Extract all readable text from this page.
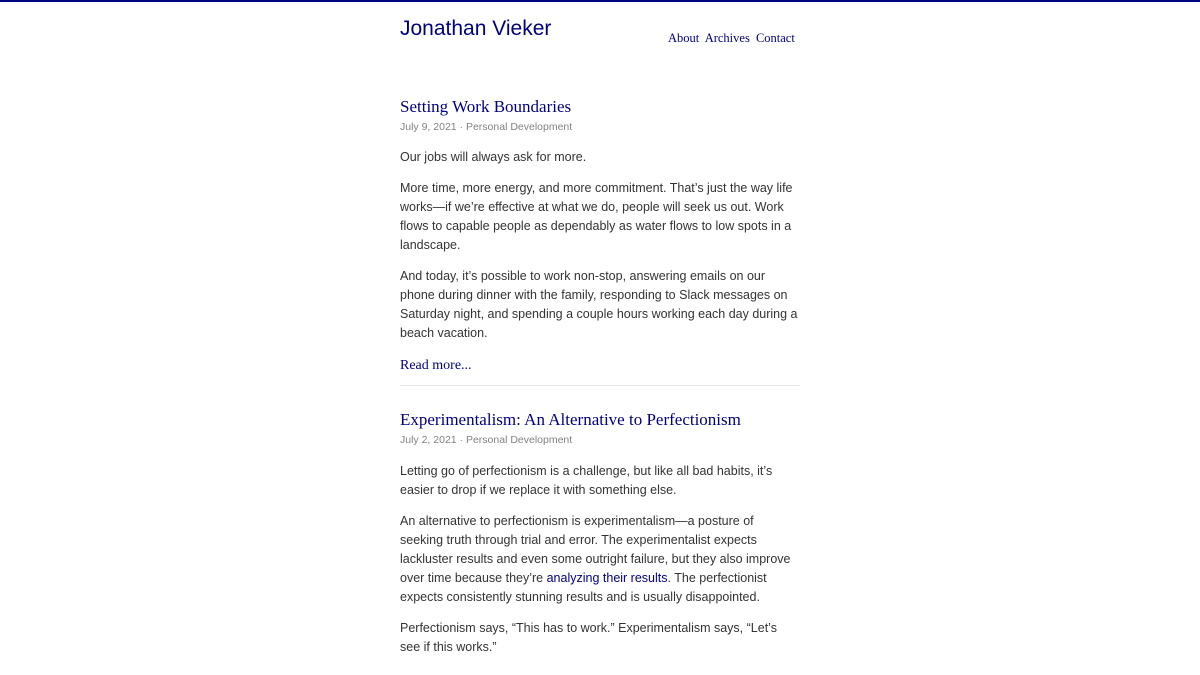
Jonathan Vieker	About Archives Contact
Setting Work Boundaries
July 9, 2021 · Personal Development

Our jobs will always ask for more.

More time, more energy, and more commitment. That’s just the way life works—if we’re effective at what we do, people will seek us out. Work flows to capable people as dependably as water flows to low spots in a landscape.

And today, it’s possible to work non-stop, answering emails on our phone during dinner with the family, responding to Slack messages on Saturday night, and spending a couple hours working each day during a beach vacation.

Read more...
Experimentalism: An Alternative to Perfectionism
July 2, 2021 · Personal Development

Letting go of perfectionism is a challenge, but like all bad habits, it’s easier to drop if we replace it with something else.

An alternative to perfectionism is experimentalism—a posture of seeking truth through trial and error. The experimentalist expects lackluster results and even some outright failure, but they also improve over time because they’re analyzing their results. The perfectionist expects consistently stunning results and is usually disappointed.

Perfectionism says, “This has to work.” Experimentalism says, “Let’s see if this works.”
